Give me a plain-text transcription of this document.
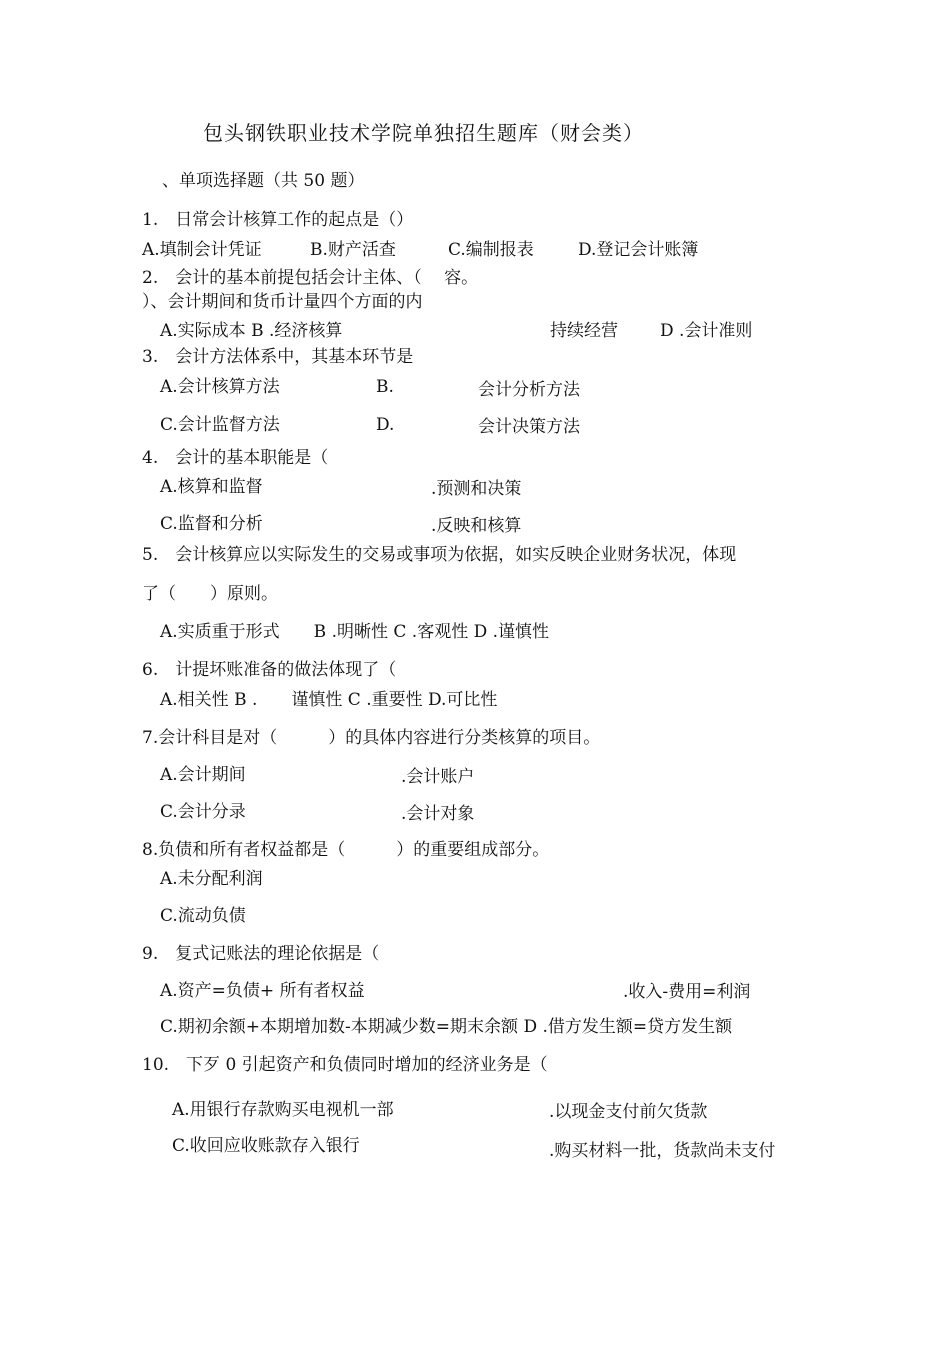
包头钢铁职业技术学院单独招生题库（财会类）
、单项选择题（共 50 题）
1.　日常会计核算工作的起点是（）
A.填制会计凭证	B.财产活查	C.编制报表	D.登记会计账簿
2.　会计的基本前提包括会计主体、（　 容。
）、会计期间和货币计量四个方面的内
A.实际成本 B .经济核算	持续经营 D .会计准则
3.　会计方法体系中，其基本环节是
A.会计核算方法	B.	会计分析方法
C.会计监督方法	D.	会计决策方法
4.　会计的基本职能是（
A.核算和监督	.预测和决策
C.监督和分析	.反映和核算
5.　会计核算应以实际发生的交易或事项为依据，如实反映企业财务状况，体现
了（　　）原则。
A.实质重于形式　　B .明晰性 C .客观性 D .谨慎性
6.　计提坏账准备的做法体现了（
A.相关性 B .　　谨慎性 C .重要性 D.可比性
7.会计科目是对（　　　）的具体内容进行分类核算的项目。
A.会计期间	.会计账户
C.会计分录	.会计对象
8.负债和所有者权益都是（　　　）的重要组成部分。
A.未分配利润
C.流动负债
9.　复式记账法的理论依据是（
A.资产=负债+ 所有者权益	.收入-费用=利润
C.期初余额+本期增加数-本期减少数=期末余额 D .借方发生额=贷方发生额
10.　下歹 0 引起资产和负债同时增加的经济业务是（
A.用银行存款购买电视机一部	.以现金支付前欠货款
C.收回应收账款存入银行	.购买材料一批，货款尚未支付
